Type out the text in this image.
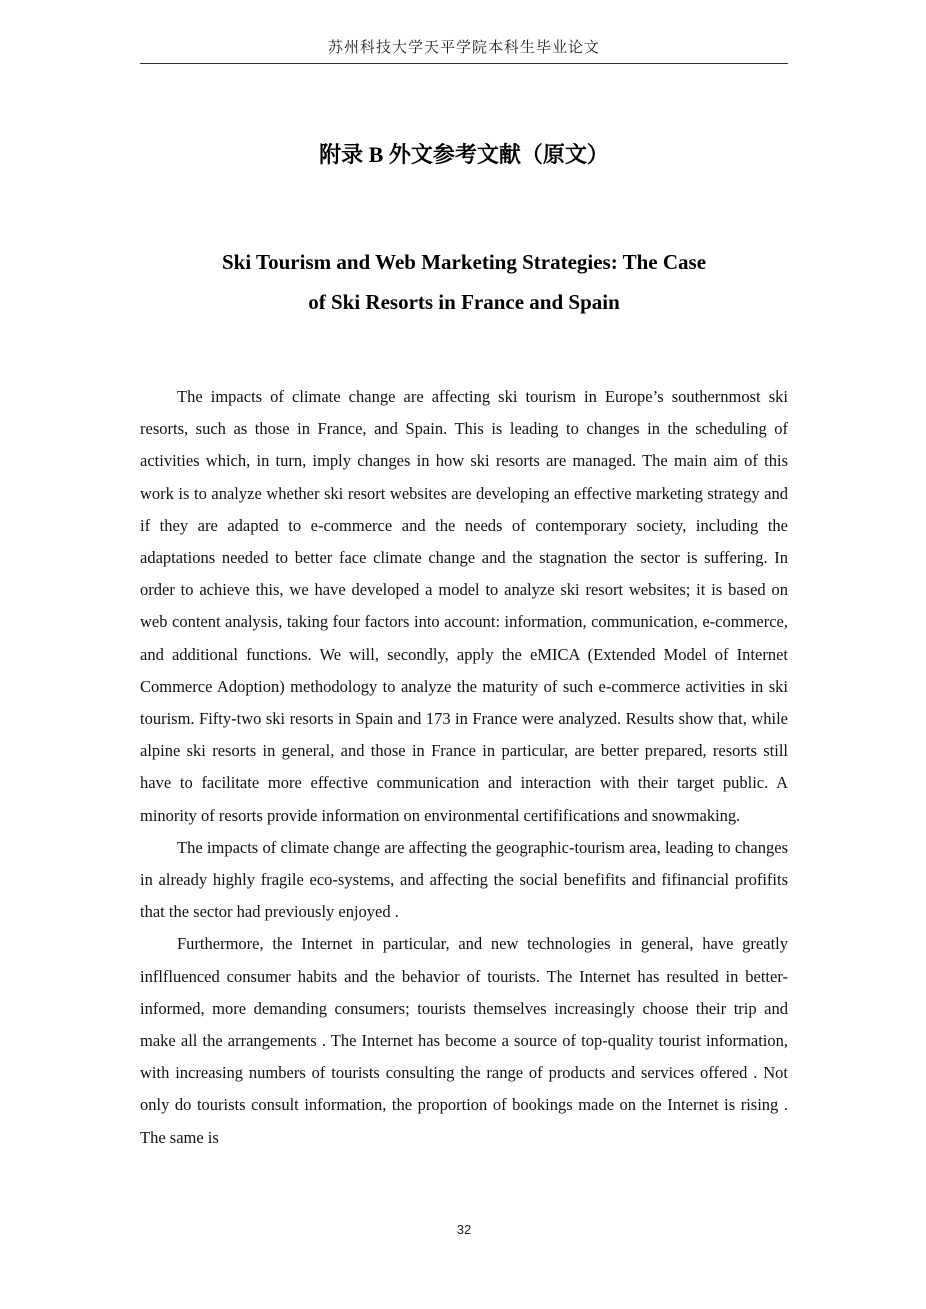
苏州科技大学天平学院本科生毕业论文
附录 B 外文参考文献（原文）
Ski Tourism and Web Marketing Strategies: The Case
of Ski Resorts in France and Spain

The impacts of climate change are affecting ski tourism in Europe’s southernmost ski resorts, such as those in France, and Spain. This is leading to changes in the scheduling of activities which, in turn, imply changes in how ski resorts are managed. The main aim of this work is to analyze whether ski resort websites are developing an effective marketing strategy and if they are adapted to e-commerce and the needs of contemporary society, including the adaptations needed to better face climate change and the stagnation the sector is suffering. In order to achieve this, we have developed a model to analyze ski resort websites; it is based on web content analysis, taking four factors into account: information, communication, e-commerce, and additional functions. We will, secondly, apply the eMICA (Extended Model of Internet Commerce Adoption) methodology to analyze the maturity of such e-commerce activities in ski tourism. Fifty-two ski resorts in Spain and 173 in France were analyzed. Results show that, while alpine ski resorts in general, and those in France in particular, are better prepared, resorts still have to facilitate more effective communication and interaction with their target public. A minority of resorts provide information on environmental certififications and snowmaking.

The impacts of climate change are affecting the geographic-tourism area, leading to changes in already highly fragile eco-systems, and affecting the social benefifits and fifinancial profifits that the sector had previously enjoyed .

Furthermore, the Internet in particular, and new technologies in general, have greatly inflfluenced consumer habits and the behavior of tourists. The Internet has resulted in better-informed, more demanding consumers; tourists themselves increasingly choose their trip and make all the arrangements . The Internet has become a source of top-quality tourist information, with increasing numbers of tourists consulting the range of products and services offered . Not only do tourists consult information, the proportion of bookings made on the Internet is rising . The same is

32
